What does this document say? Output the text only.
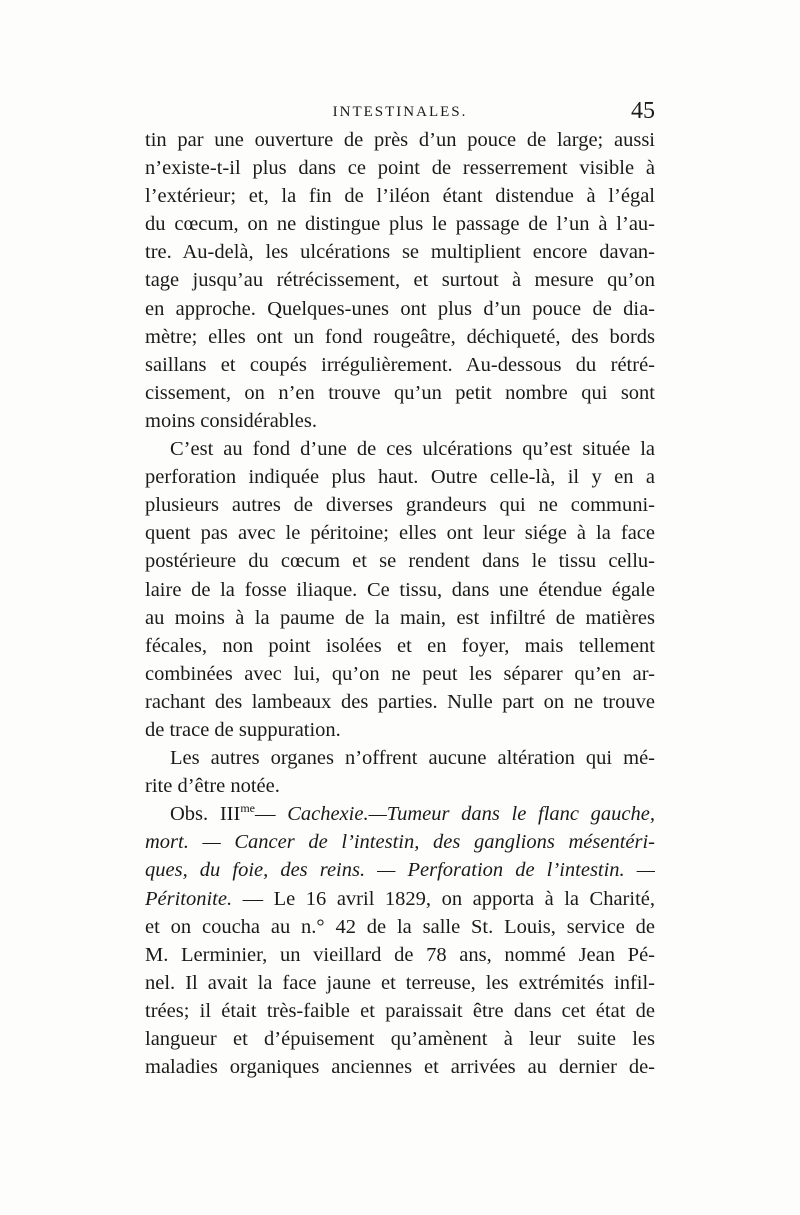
INTESTINALES.	45
tin par une ouverture de près d’un pouce de large; aussi
n’existe-t-il plus dans ce point de resserrement visible à
l’extérieur; et, la fin de l’iléon étant distendue à l’égal
du cœcum, on ne distingue plus le passage de l’un à l’au-
tre. Au-delà, les ulcérations se multiplient encore davan-
tage jusqu’au rétrécissement, et surtout à mesure qu’on
en approche. Quelques-unes ont plus d’un pouce de dia-
mètre; elles ont un fond rougeâtre, déchiqueté, des bords
saillans et coupés irrégulièrement. Au-dessous du rétré-
cissement, on n’en trouve qu’un petit nombre qui sont
moins considérables.
C’est au fond d’une de ces ulcérations qu’est située la
perforation indiquée plus haut. Outre celle-là, il y en a
plusieurs autres de diverses grandeurs qui ne communi-
quent pas avec le péritoine; elles ont leur siége à la face
postérieure du cœcum et se rendent dans le tissu cellu-
laire de la fosse iliaque. Ce tissu, dans une étendue égale
au moins à la paume de la main, est infiltré de matières
fécales, non point isolées et en foyer, mais tellement
combinées avec lui, qu’on ne peut les séparer qu’en ar-
rachant des lambeaux des parties. Nulle part on ne trouve
de trace de suppuration.
Les autres organes n’offrent aucune altération qui mé-
rite d’être notée.
Obs. $III^{me}—$ Cachexie.—Tumeur dans le flanc gauche,
mort. — Cancer de l’intestin, des ganglions mésentéri-
ques, du foie, des reins. — Perforation de l’intestin. —
Péritonite. — Le 16 avril 1829, on apporta à la Charité,
et on coucha au n.° 42 de la salle St. Louis, service de
M. Lerminier, un vieillard de 78 ans, nommé Jean Pé-
nel. Il avait la face jaune et terreuse, les extrémités infil-
trées; il était très-faible et paraissait être dans cet état de
langueur et d’épuisement qu’amènent à leur suite les
maladies organiques anciennes et arrivées au dernier de-
